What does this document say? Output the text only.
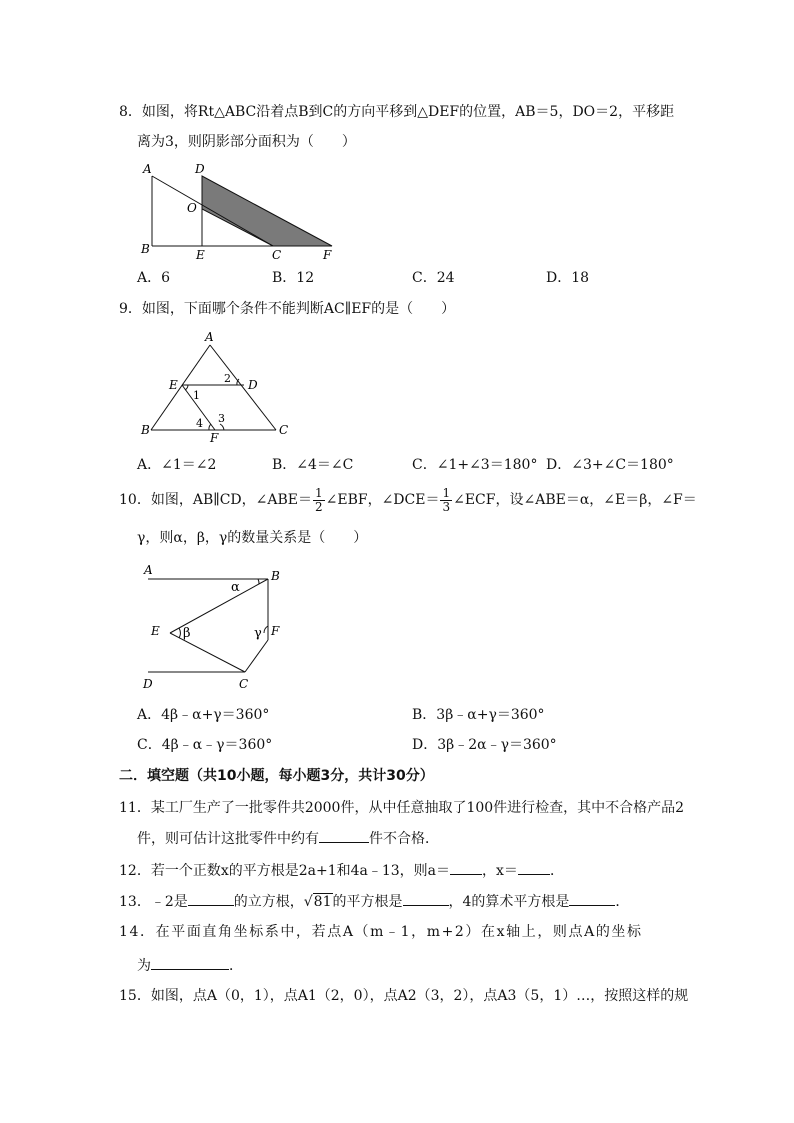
8．如图，将Rt△ABC沿着点B到C的方向平移到△DEF的位置，AB＝5，DO＝2，平移距
离为3，则阴影部分面积为（　　）
A	D
O
B	E	C	F
A．6	B．12	C．24	D．18
9．如图，下面哪个条件不能判断AC∥EF的是（　　）
A
E	D
B
F
C
1
2
3
4
A．∠1＝∠2	B．∠4＝∠C	C．∠1+∠3＝180° D．∠3+∠C＝180°
10．如图，AB∥CD，∠ABE＝ $\frac{1}{2}$ ∠EBF，∠DCE＝ $\frac{1}{3}$ ∠ECF，设∠ABE＝α，∠E＝β，∠F＝
γ，则α，β，γ的数量关系是（　　）
A	B
E	F
D	C
α
β	γ
A．4β﹣α+γ＝360°	B．3β﹣α+γ＝360°
C．4β﹣α﹣γ＝360°	D．3β﹣2α﹣γ＝360°
二．填空题（共10小题，每小题3分，共计30分）
11．某工厂生产了一批零件共2000件，从中任意抽取了100件进行检查，其中不合格产品2
件，则可估计这批零件中约有	件不合格．
12．若一个正数x的平方根是2a+1和4a﹣13，则a＝ ，x＝ ．
13．﹣2是	的立方根，√81的平方根是	，4的算术平方根是	．
14．在平面直角坐标系中，若点A（m﹣1，m+2）在x轴上，则点A的坐标
为	．
15．如图，点A（0，1），点A1（2，0），点A2（3，2），点A3（5，1）…，按照这样的规
